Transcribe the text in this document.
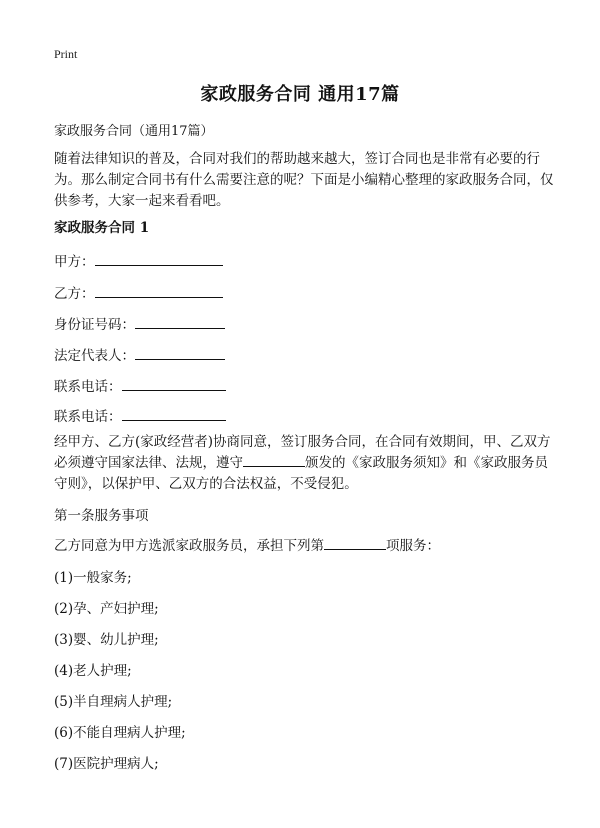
Print
家政服务合同 通用17篇
家政服务合同（通用17篇）
随着法律知识的普及，合同对我们的帮助越来越大，签订合同也是非常有必要的行为。那么制定合同书有什么需要注意的呢？下面是小编精心整理的家政服务合同，仅供参考，大家一起来看看吧。
家政服务合同 1
甲方：
乙方：
身份证号码：
法定代表人：
联系电话：
联系电话：
经甲方、乙方(家政经营者)协商同意，签订服务合同，在合同有效期间，甲、乙双方必须遵守国家法律、法规，遵守	颁发的《家政服务须知》和《家政服务员守则》，以保护甲、乙双方的合法权益，不受侵犯。
第一条服务事项
乙方同意为甲方选派家政服务员，承担下列第	项服务：
(1)一般家务;
(2)孕、产妇护理;
(3)婴、幼儿护理;
(4)老人护理;
(5)半自理病人护理;
(6)不能自理病人护理;
(7)医院护理病人;
